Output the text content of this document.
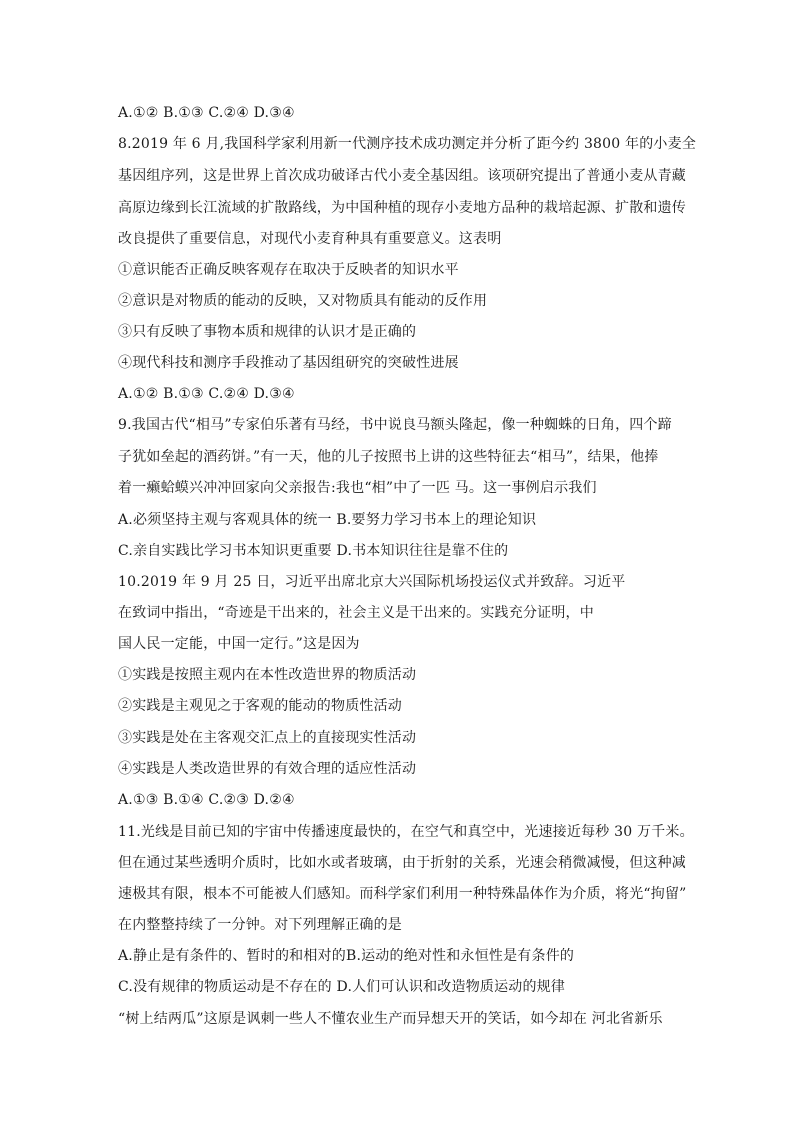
A.①② B.①③ C.②④ D.③④
8.2019 年 6 月,我国科学家利用新一代测序技术成功测定并分析了距今约 3800 年的小麦全
基因组序列，这是世界上首次成功破译古代小麦全基因组。该项研究提出了普通小麦从青藏
高原边缘到长江流域的扩散路线，为中国种植的现存小麦地方品种的栽培起源、扩散和遗传
改良提供了重要信息，对现代小麦育种具有重要意义。这表明
①意识能否正确反映客观存在取决于反映者的知识水平
②意识是对物质的能动的反映，又对物质具有能动的反作用
③只有反映了事物本质和规律的认识才是正确的
④现代科技和测序手段推动了基因组研究的突破性进展
A.①② B.①③ C.②④ D.③④
9.我国古代“相马”专家伯乐著有马经，书中说良马额头隆起，像一种蜘蛛的日角，四个蹄
子犹如垒起的酒药饼。”有一天，他的儿子按照书上讲的这些特征去“相马”，结果，他捧
着一癞蛤蟆兴冲冲回家向父亲报告:我也“相”中了一匹 马。这一事例启示我们
A.必须坚持主观与客观具体的统一 B.要努力学习书本上的理论知识
C.亲自实践比学习书本知识更重要 D.书本知识往往是靠不住的
10.2019 年 9 月 25 日，习近平出席北京大兴国际机场投运仪式并致辞。习近平
在致词中指出，“奇迹是干出来的，社会主义是干出来的。实践充分证明，中
国人民一定能，中国一定行。”这是因为
①实践是按照主观内在本性改造世界的物质活动
②实践是主观见之于客观的能动的物质性活动
③实践是处在主客观交汇点上的直接现实性活动
④实践是人类改造世界的有效合理的适应性活动
A.①③ B.①④ C.②③ D.②④
11.光线是目前已知的宇宙中传播速度最快的，在空气和真空中，光速接近每秒 30 万千米。
但在通过某些透明介质时，比如水或者玻璃，由于折射的关系，光速会稍微减慢，但这种减
速极其有限，根本不可能被人们感知。而科学家们利用一种特殊晶体作为介质，将光“拘留”
在内整整持续了一分钟。对下列理解正确的是
A.静止是有条件的、暂时的和相对的B.运动的绝对性和永恒性是有条件的
C.没有规律的物质运动是不存在的 D.人们可认识和改造物质运动的规律
“树上结两瓜”这原是讽刺一些人不懂农业生产而异想天开的笑话，如今却在 河北省新乐
